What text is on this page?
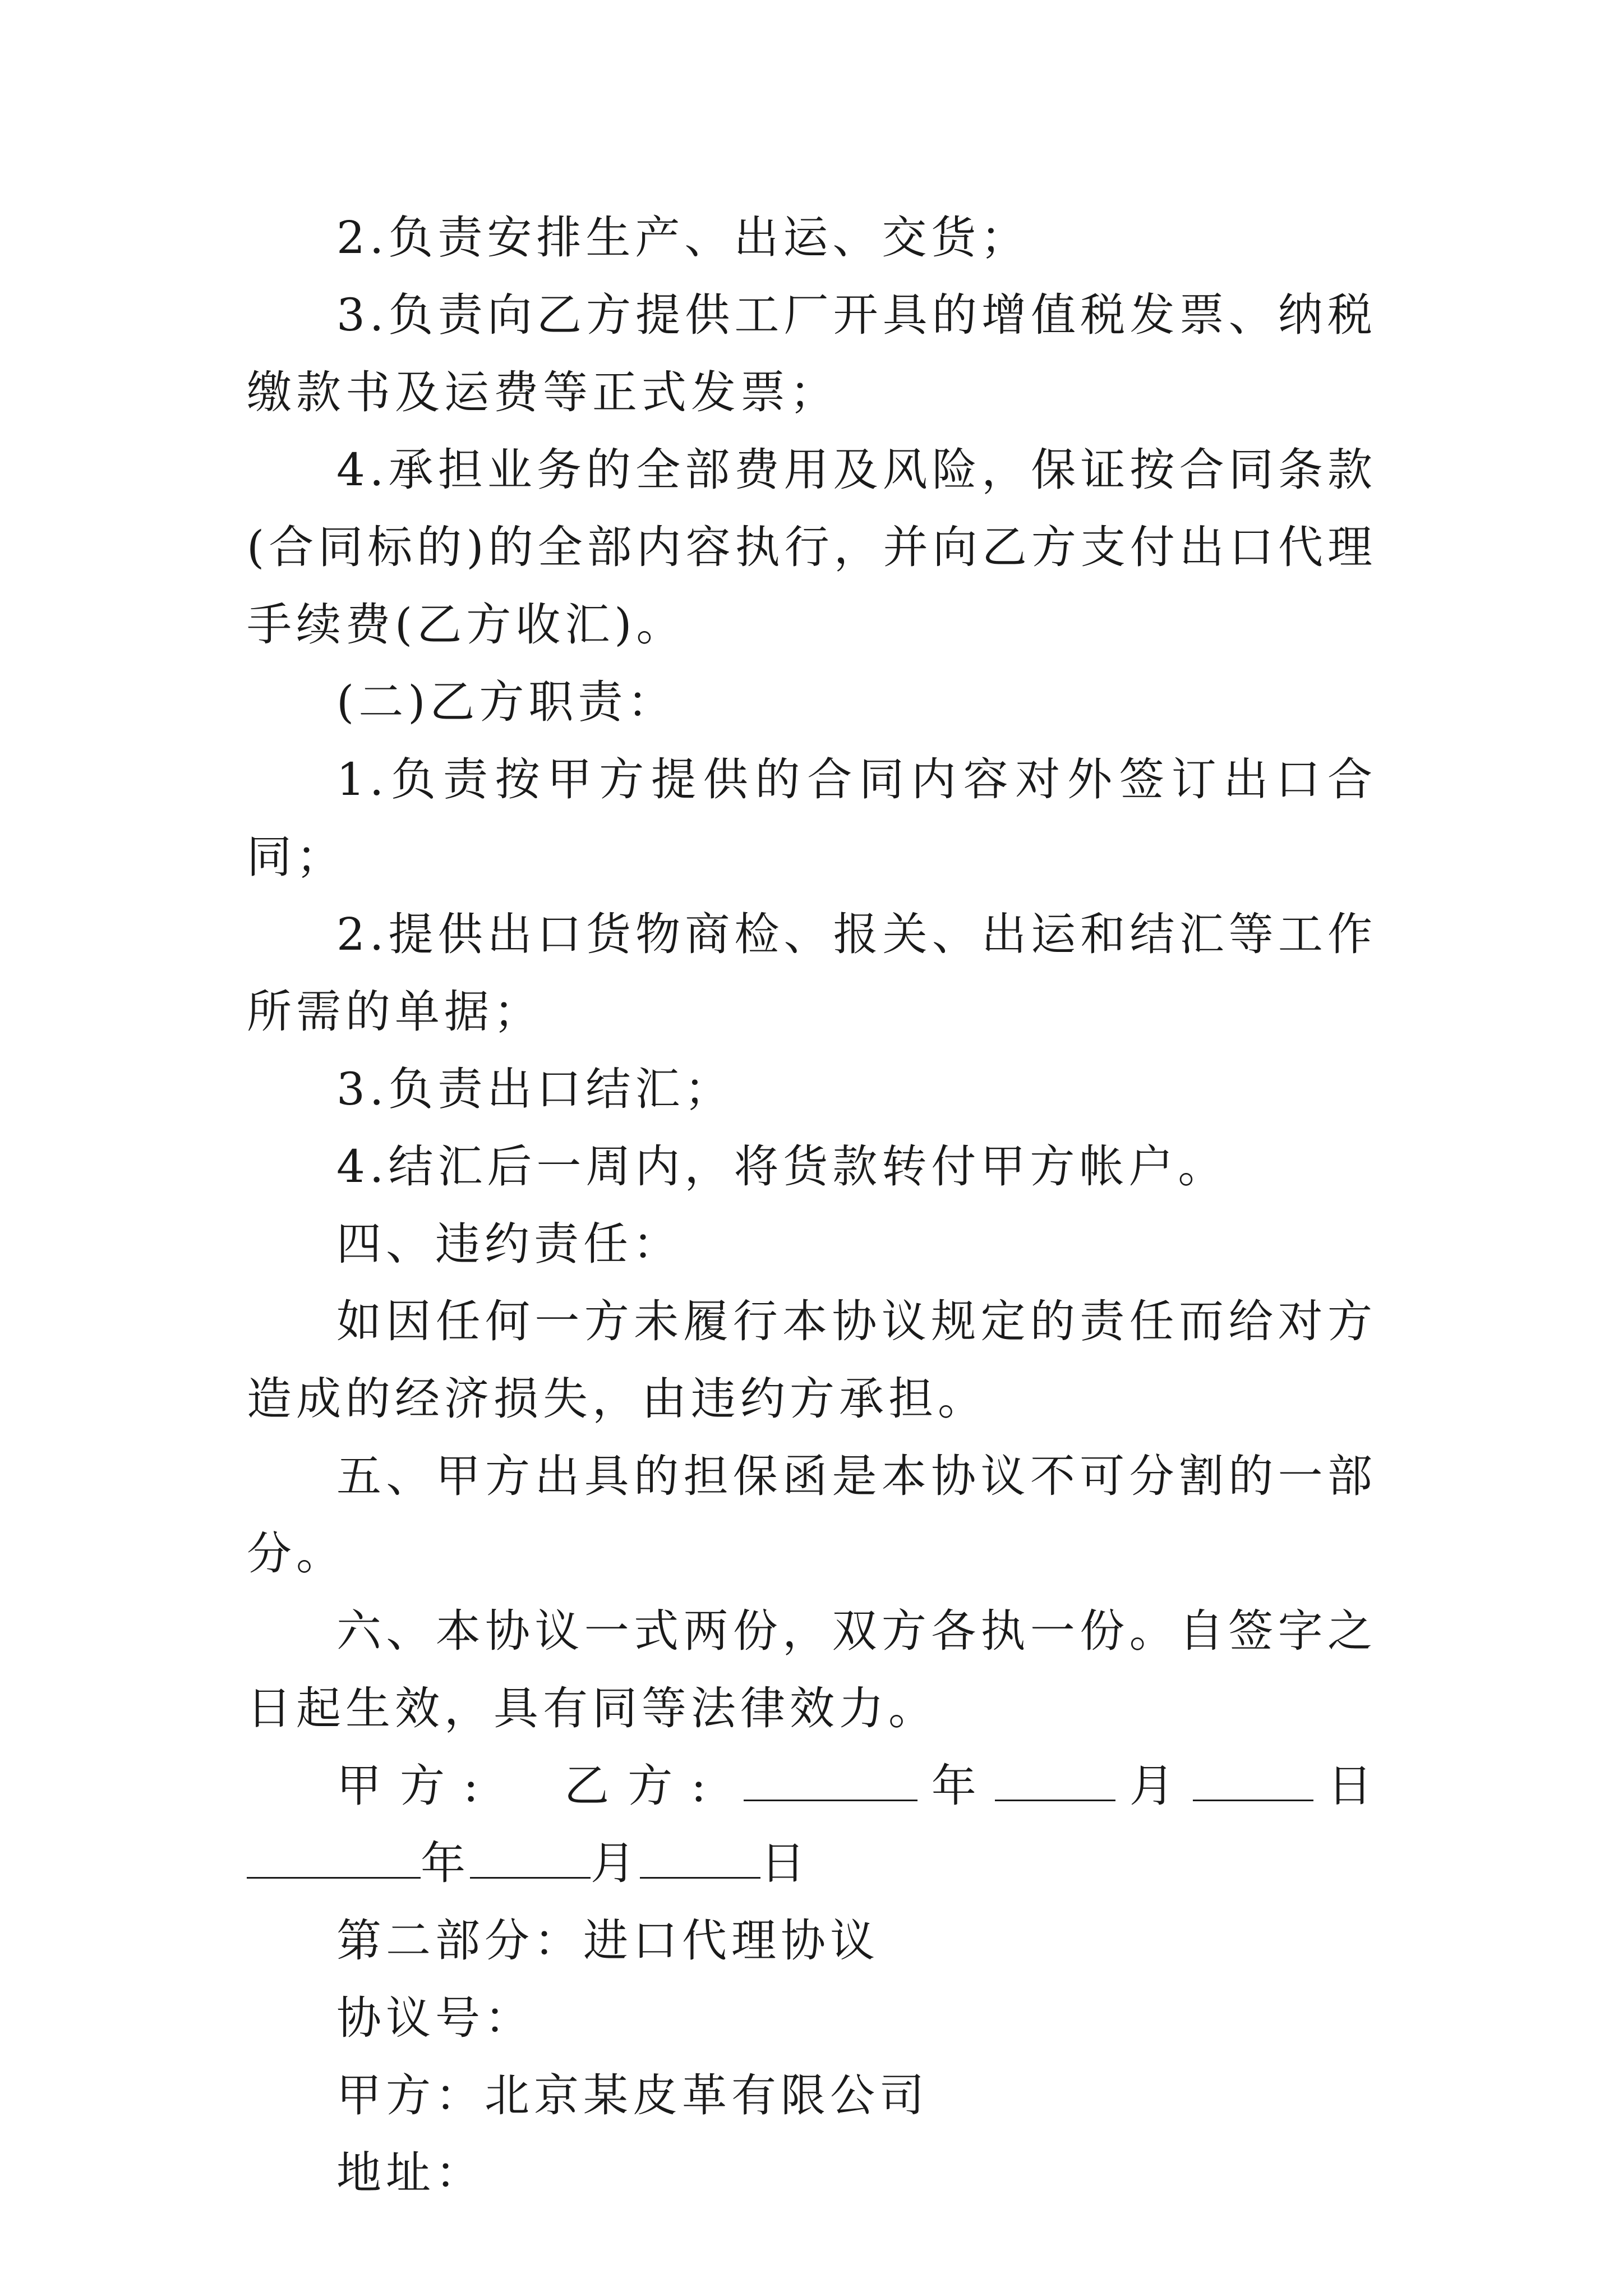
2.负责安排生产、出运、交货；

3.负责向乙方提供工厂开具的增值税发票、纳税缴款书及运费等正式发票；

4.承担业务的全部费用及风险，保证按合同条款(合同标的)的全部内容执行，并向乙方支付出口代理手续费(乙方收汇)。

(二)乙方职责：

1.负责按甲方提供的合同内容对外签订出口合同；

2.提供出口货物商检、报关、出运和结汇等工作所需的单据；

3.负责出口结汇；

4.结汇后一周内，将货款转付甲方帐户。

四、违约责任：

如因任何一方未履行本协议规定的责任而给对方造成的经济损失，由违约方承担。

五、甲方出具的担保函是本协议不可分割的一部分。

六、本协议一式两份，双方各执一份。自签字之日起生效，具有同等法律效力。

甲方: 乙方:	年	月	日年	月	日

第二部分：进口代理协议

协议号：

甲方：北京某皮革有限公司

地址：
